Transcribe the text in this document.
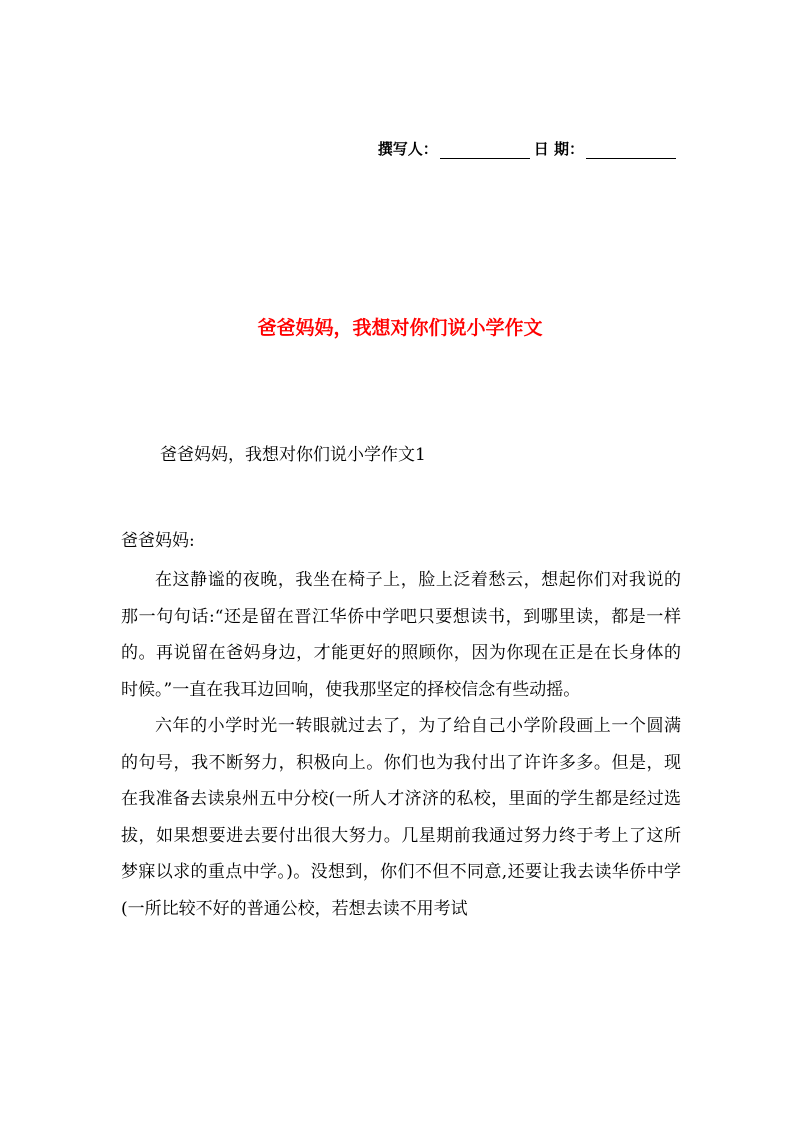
撰写人：	日 期：
爸爸妈妈，我想对你们说小学作文
爸爸妈妈，我想对你们说小学作文1
爸爸妈妈:

在这静谧的夜晚，我坐在椅子上，脸上泛着愁云，想起你们对我说的那一句句话:“还是留在晋江华侨中学吧只要想读书，到哪里读，都是一样的。再说留在爸妈身边，才能更好的照顾你，因为你现在正是在长身体的时候。”一直在我耳边回响，使我那坚定的择校信念有些动摇。

六年的小学时光一转眼就过去了，为了给自己小学阶段画上一个圆满的句号，我不断努力，积极向上。你们也为我付出了许许多多。但是，现在我准备去读泉州五中分校(一所人才济济的私校，里面的学生都是经过选拔，如果想要进去要付出很大努力。几星期前我通过努力终于考上了这所梦寐以求的重点中学。)。没想到，你们不但不同意,还要让我去读华侨中学(一所比较不好的普通公校，若想去读不用考试
